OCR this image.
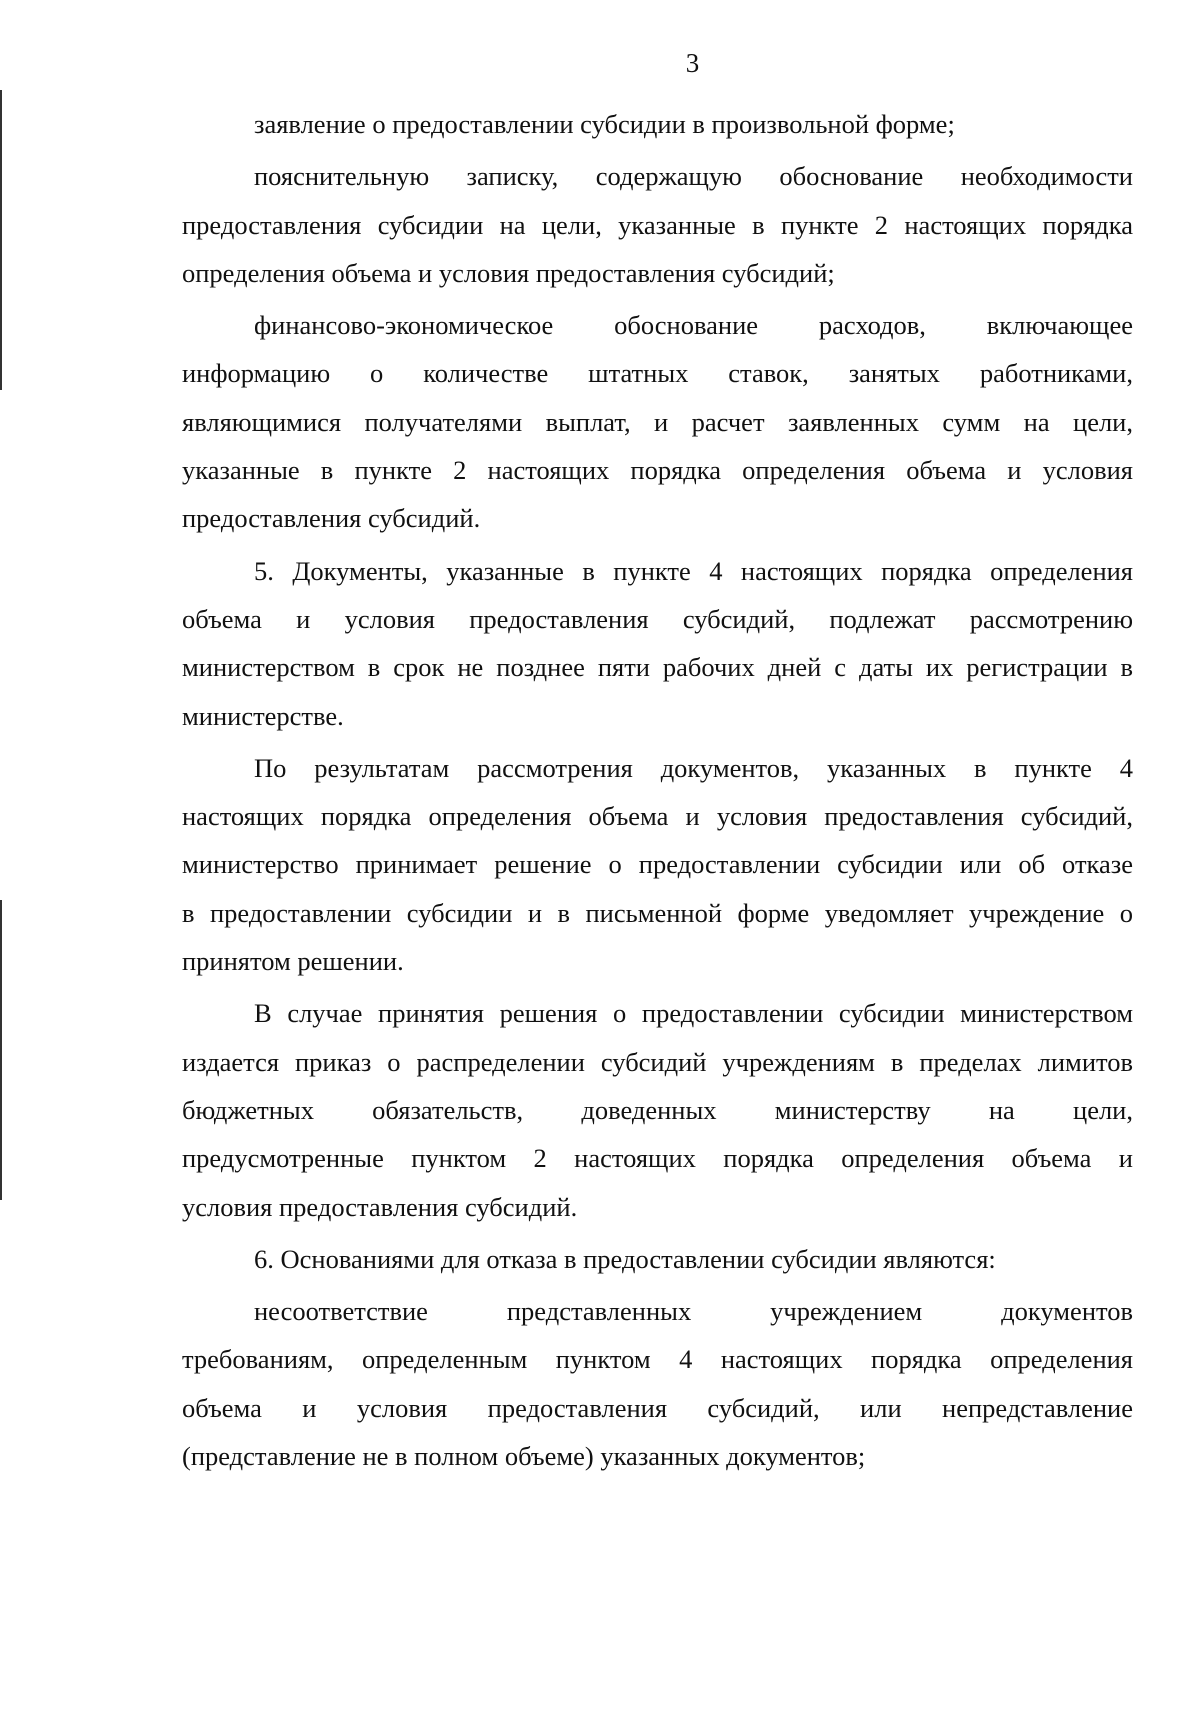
3
заявление о предоставлении субсидии в произвольной форме;
пояснительную записку, содержащую обоснование необходимости
предоставления субсидии на цели, указанные в пункте 2 настоящих порядка
определения объема и условия предоставления субсидий;
финансово-экономическое обоснование расходов, включающее
информацию о количестве штатных ставок, занятых работниками,
являющимися получателями выплат, и расчет заявленных сумм на цели,
указанные в пункте 2 настоящих порядка определения объема и условия
предоставления субсидий.
5. Документы, указанные в пункте 4 настоящих порядка определения
объема и условия предоставления субсидий, подлежат рассмотрению
министерством в срок не позднее пяти рабочих дней с даты их регистрации в
министерстве.
По результатам рассмотрения документов, указанных в пункте 4
настоящих порядка определения объема и условия предоставления субсидий,
министерство принимает решение о предоставлении субсидии или об отказе
в предоставлении субсидии и в письменной форме уведомляет учреждение о
принятом решении.
В случае принятия решения о предоставлении субсидии министерством
издается приказ о распределении субсидий учреждениям в пределах лимитов
бюджетных обязательств, доведенных министерству на цели,
предусмотренные пунктом 2 настоящих порядка определения объема и
условия предоставления субсидий.
6. Основаниями для отказа в предоставлении субсидии являются:
несоответствие представленных учреждением документов
требованиям, определенным пунктом 4 настоящих порядка определения
объема и условия предоставления субсидий, или непредставление
(представление не в полном объеме) указанных документов;
